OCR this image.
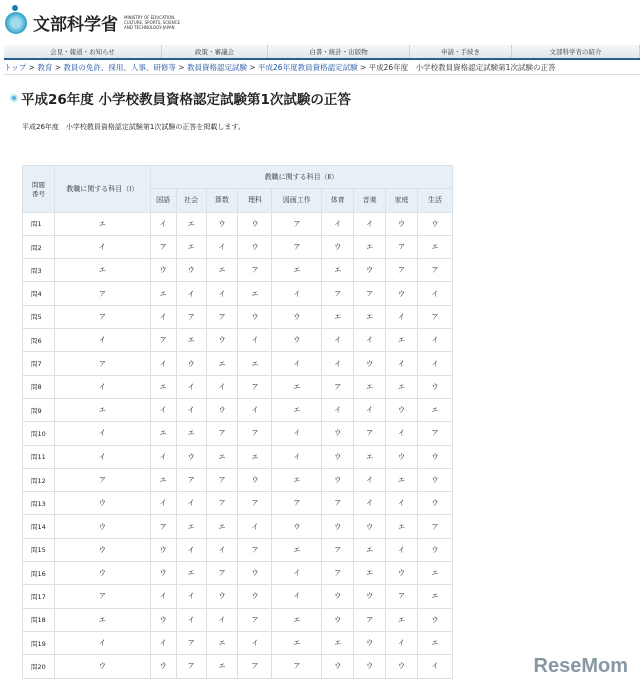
文部科学省 MINISTRY OF EDUCATION, CULTURE, SPORTS, SCIENCE AND TECHNOLOGY-JAPAN
会見・報道・お知らせ	政策・審議会	白書・統計・出版物	申請・手続き	文部科学省の紹介
トップ > 教育 > 教員の免許、採用、人事、研修等 > 教員資格認定試験 > 平成26年度教員資格認定試験 > 平成26年度　小学校教員資格認定試験第1次試験の正答
平成26年度 小学校教員資格認定試験第1次試験の正答
平成26年度　小学校教員資格認定試験第1次試験の正答を掲載します。
問題番号	教職に関する科目（Ⅰ）	教職に関する科目（Ⅱ）								
		国語	社会	算数	理科	図画工作	体育	音楽	家庭	生活
問1	エ	イ	エ	ウ	ウ	ア	イ	イ	ウ	ウ
問2	イ	ア	エ	イ	ウ	ア	ウ	エ	ア	エ
問3	エ	ウ	ウ	エ	ア	エ	エ	ウ	ア	ア
問4	ア	エ	イ	イ	エ	イ	ア	ア	ウ	イ
問5	ア	イ	ア	ア	ウ	ウ	エ	エ	イ	ア
問6	イ	ア	エ	ウ	イ	ウ	イ	イ	エ	イ
問7	ア	イ	ウ	エ	エ	イ	イ	ウ	イ	イ
問8	イ	エ	イ	イ	ア	エ	ア	エ	エ	ウ
問9	エ	イ	イ	ウ	イ	エ	イ	イ	ウ	エ
問10	イ	エ	エ	ア	ア	イ	ウ	ア	イ	ア
問11	イ	イ	ウ	エ	エ	イ	ウ	エ	ウ	ウ
問12	ア	エ	ア	ア	ウ	エ	ウ	イ	エ	ウ
問13	ウ	イ	イ	ア	ア	ア	ア	イ	イ	ウ
問14	ウ	ア	エ	エ	イ	ウ	ウ	ウ	エ	ア
問15	ウ	ウ	イ	イ	ア	エ	ア	エ	イ	ウ
問16	ウ	ウ	エ	ア	ウ	イ	ア	エ	ウ	エ
問17	ア	イ	イ	ウ	ウ	イ	ウ	ウ	ア	エ
問18	エ	ウ	イ	イ	ア	エ	ウ	ア	エ	ウ
問19	イ	イ	ア	エ	イ	エ	エ	ウ	イ	エ
問20	ウ	ウ	ア	エ	ア	ア	ウ	ウ	ウ	イ	ReseMom
